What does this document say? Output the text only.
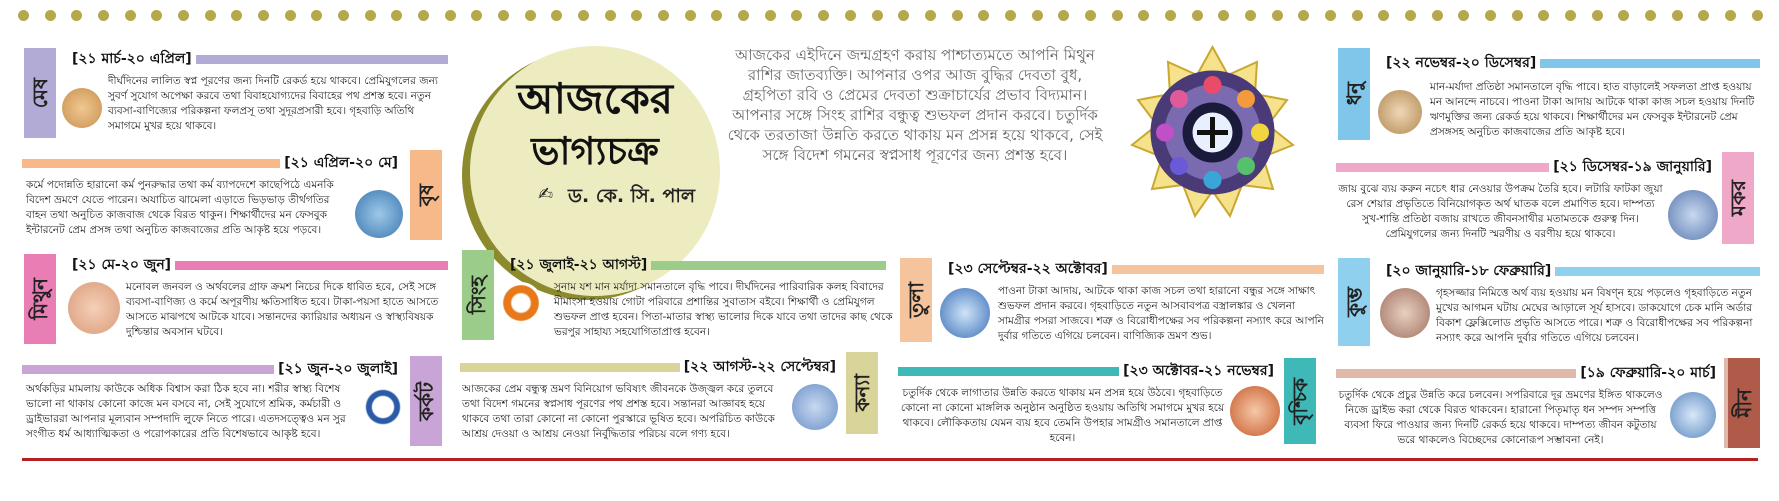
মেষ
[২১ মার্চ-২০ এপ্রিল]
দীর্ঘদিনের লালিত স্বপ্ন পূরণের জন্য দিনটি রেকর্ড হয়ে থাকবে। প্রেমিযুগলের জন্য সুবর্ণ সুযোগ অপেক্ষা করবে তথা বিবাহযোগ্যদের বিবাহের পথ প্রশস্ত হবে। নতুন ব্যবসা-বাণিজ্যের পরিকল্পনা ফলপ্রসূ তথা সুদূরপ্রসারী হবে। গৃহবাড়ি অতিথি সমাগমে মুখর হয়ে থাকবে।
[২১ এপ্রিল-২০ মে]
বৃষ
কর্মে পদোন্নতি হারানো কর্ম পুনরুদ্ধার তথা কর্ম ব্যাপদেশে কাছেপিঠে এমনকি বিদেশ ভ্রমণে যেতে পারেন। অযাচিত ঝামেলা এড়াতে ভিড়ভাড় তীর্থগতির বাহন তথা অনুচিত কাজবাজ থেকে বিরত থাকুন। শিক্ষার্থীদের মন ফেসবুক ইন্টারনেট প্রেম প্রসঙ্গ তথা অনুচিত কাজবাজের প্রতি আকৃষ্ট হয়ে পড়বে।
মিথুন
[২১ মে-২০ জুন]
মনোবল জনবল ও অর্থবলের গ্রাফ ক্রমশ নিচের দিকে ধাবিত হবে, সেই সঙ্গে ব্যবসা-বাণিজ্য ও কর্মে অপূরণীয় ক্ষতিসাধিত হবে। টাকা-পয়সা হাতে আসতে আসতে মাঝপথে আটকে যাবে। সন্তানদের ক্যারিয়ার অধ্যয়ন ও স্বাস্থ্যবিষয়ক দুশ্চিন্তার অবসান ঘটবে।
[২১ জুন-২০ জুলাই]
কর্কট
অর্থকড়ির মামলায় কাউকে অধিক বিশ্বাস করা ঠিক হবে না। শরীর স্বাস্থ্য বিশেষ ভালো না থাকায় কোনো কাজে মন বসবে না, সেই সুযোগে শ্রমিক, কর্মচারী ও ড্রাইভাররা আপনার মূল্যবান সম্পদাদি লুফে নিতে পারে। এতদসত্ত্বেও মন সুর সংগীত ধর্ম আধ্যাত্মিকতা ও পরোপকারের প্রতি বিশেষভাবে আকৃষ্ট হবে।
আজকের
ভাগ্যচক্র
✍ ড. কে. সি. পাল
আজকের এইদিনে জন্মগ্রহণ করায় পাশ্চাত্যমতে আপনি মিথুন রাশির জাতব্যক্তি। আপনার ওপর আজ বুদ্ধির দেবতা বুধ, গ্রহপিতা রবি ও প্রেমের দেবতা শুক্রাচার্যের প্রভাব বিদ্যমান। আপনার সঙ্গে সিংহ রাশির বন্ধুত্ব শুভফল প্রদান করবে। চতুর্দিক থেকে তরতাজা উন্নতি করতে থাকায় মন প্রসন্ন হয়ে থাকবে, সেই সঙ্গে বিদেশ গমনের স্বপ্নসাধ পূরণের জন্য প্রশস্ত হবে।
সিংহ
[২১ জুলাই-২১ আগস্ট]
সুনাম যশ মান মর্যাদা সমানতালে বৃদ্ধি পাবে। দীর্ঘদিনের পারিবারিক কলহ বিবাদের মীমাংসা হওয়ায় গোটা পরিবারে প্রশান্তির সুবাতাস বইবে। শিক্ষার্থী ও প্রেমিযুগল শুভফল প্রাপ্ত হবেন। পিতা-মাতার স্বাস্থ্য ভালোর দিকে যাবে তথা তাদের কাছ থেকে ভরপুর সাহায্য সহযোগিতাপ্রাপ্ত হবেন।
[২২ আগস্ট-২২ সেপ্টেম্বর]
কন্যা
আজকের প্রেম বন্ধুত্ব ভ্রমণ বিনিয়োগ ভবিষ্যৎ জীবনকে উজ্জ্বল করে তুলবে তথা বিদেশ গমনের স্বপ্নসাধ পূরণের পথ প্রশস্ত হবে। সন্তানরা আজ্ঞাবহ হয়ে থাকবে তথা তারা কোনো না কোনো পুরস্কারে ভূষিত হবে। অপরিচিত কাউকে আশ্রয় দেওয়া ও আশ্রয় নেওয়া নির্বুদ্ধিতার পরিচয় বলে গণ্য হবে।
তুলা
[২৩ সেপ্টেম্বর-২২ অক্টোবর]
পাওনা টাকা আদায়, আটকে থাকা কাজ সচল তথা হারানো বন্ধুর সঙ্গে সাক্ষাৎ শুভফল প্রদান করবে। গৃহবাড়িতে নতুন আসবাবপত্র বস্ত্রালঙ্কার ও খেলনা সামগ্রীর পসরা সাজবে। শত্রু ও বিরোধীপক্ষের সব পরিকল্পনা নস্যাৎ করে আপনি দুর্বার গতিতে এগিয়ে চলবেন। বাণিজ্যিক ভ্রমণ শুভ।
[২৩ অক্টোবর-২১ নভেম্বর]
বৃশ্চিক
চতুর্দিক থেকে লাগাতার উন্নতি করতে থাকায় মন প্রসন্ন হয়ে উঠবে। গৃহবাড়িতে কোনো না কোনো মাঙ্গলিক অনুষ্ঠান অনুষ্ঠিত হওয়ায় অতিথি সমাগমে মুখর হয়ে থাকবে। লৌকিকতায় যেমন ব্যয় হবে তেমনি উপহার সামগ্রীও সমানতালে প্রাপ্ত হবেন।
ধনু
[২২ নভেম্বর-২০ ডিসেম্বর]
মান-মর্যাদা প্রতিষ্ঠা সমানতালে বৃদ্ধি পাবে। হাত বাড়ালেই সফলতা প্রাপ্ত হওয়ায় মন আনন্দে নাচবে। পাওনা টাকা আদায় আটকে থাকা কাজ সচল হওয়ায় দিনটি ঋণমুক্তির জন্য রেকর্ড হয়ে থাকবে। শিক্ষার্থীদের মন ফেসবুক ইন্টারনেট প্রেম প্রসঙ্গসহ অনুচিত কাজবাজের প্রতি আকৃষ্ট হবে।
[২১ ডিসেম্বর-১৯ জানুয়ারি]
মকর
জায় বুঝে ব্যয় করুন নচেৎ ধার নেওয়ার উপক্রম তৈরি হবে। লটারি ফাটকা জুয়া রেস শেয়ার প্রভৃতিতে বিনিয়োগকৃত অর্থ ঘাতক বলে প্রমাণিত হবে। দাম্পত্য সুখ-শান্তি প্রতিষ্ঠা বজায় রাখতে জীবনসাথীর মতামতকে গুরুত্ব দিন। প্রেমিযুগলের জন্য দিনটি স্মরণীয় ও বরণীয় হয়ে থাকবে।
কুম্ভ
[২০ জানুয়ারি-১৮ ফেব্রুয়ারি]
গৃহসজ্জার নিমিত্তে অর্থ ব্যয় হওয়ায় মন বিষণ্ন হয়ে পড়লেও গৃহবাড়িতে নতুন মুখের আগমন ঘটায় মেঘের আড়ালে সূর্য হাসবে। ডাকযোগে চেক মানি অর্ডার বিকাশ ফ্লেক্সিলোড প্রভৃতি আসতে পারে। শত্রু ও বিরোধীপক্ষের সব পরিকল্পনা নস্যাৎ করে আপনি দুর্বার গতিতে এগিয়ে চলবেন।
[১৯ ফেব্রুয়ারি-২০ মার্চ]
মীন
চতুর্দিক থেকে প্রচুর উন্নতি করে চলবেন। সপরিবারে দূর ভ্রমণের ইঙ্গিত থাকলেও নিজে ড্রাইভ করা থেকে বিরত থাকবেন। হারানো পিতৃমাতৃ ধন সম্পদ সম্পত্তি ব্যবসা ফিরে পাওয়ার জন্য দিনটি রেকর্ড হয়ে থাকবে। দাম্পত্য জীবন কটুতায় ভরে থাকলেও বিচ্ছেদের কোনোরূপ সম্ভাবনা নেই।
